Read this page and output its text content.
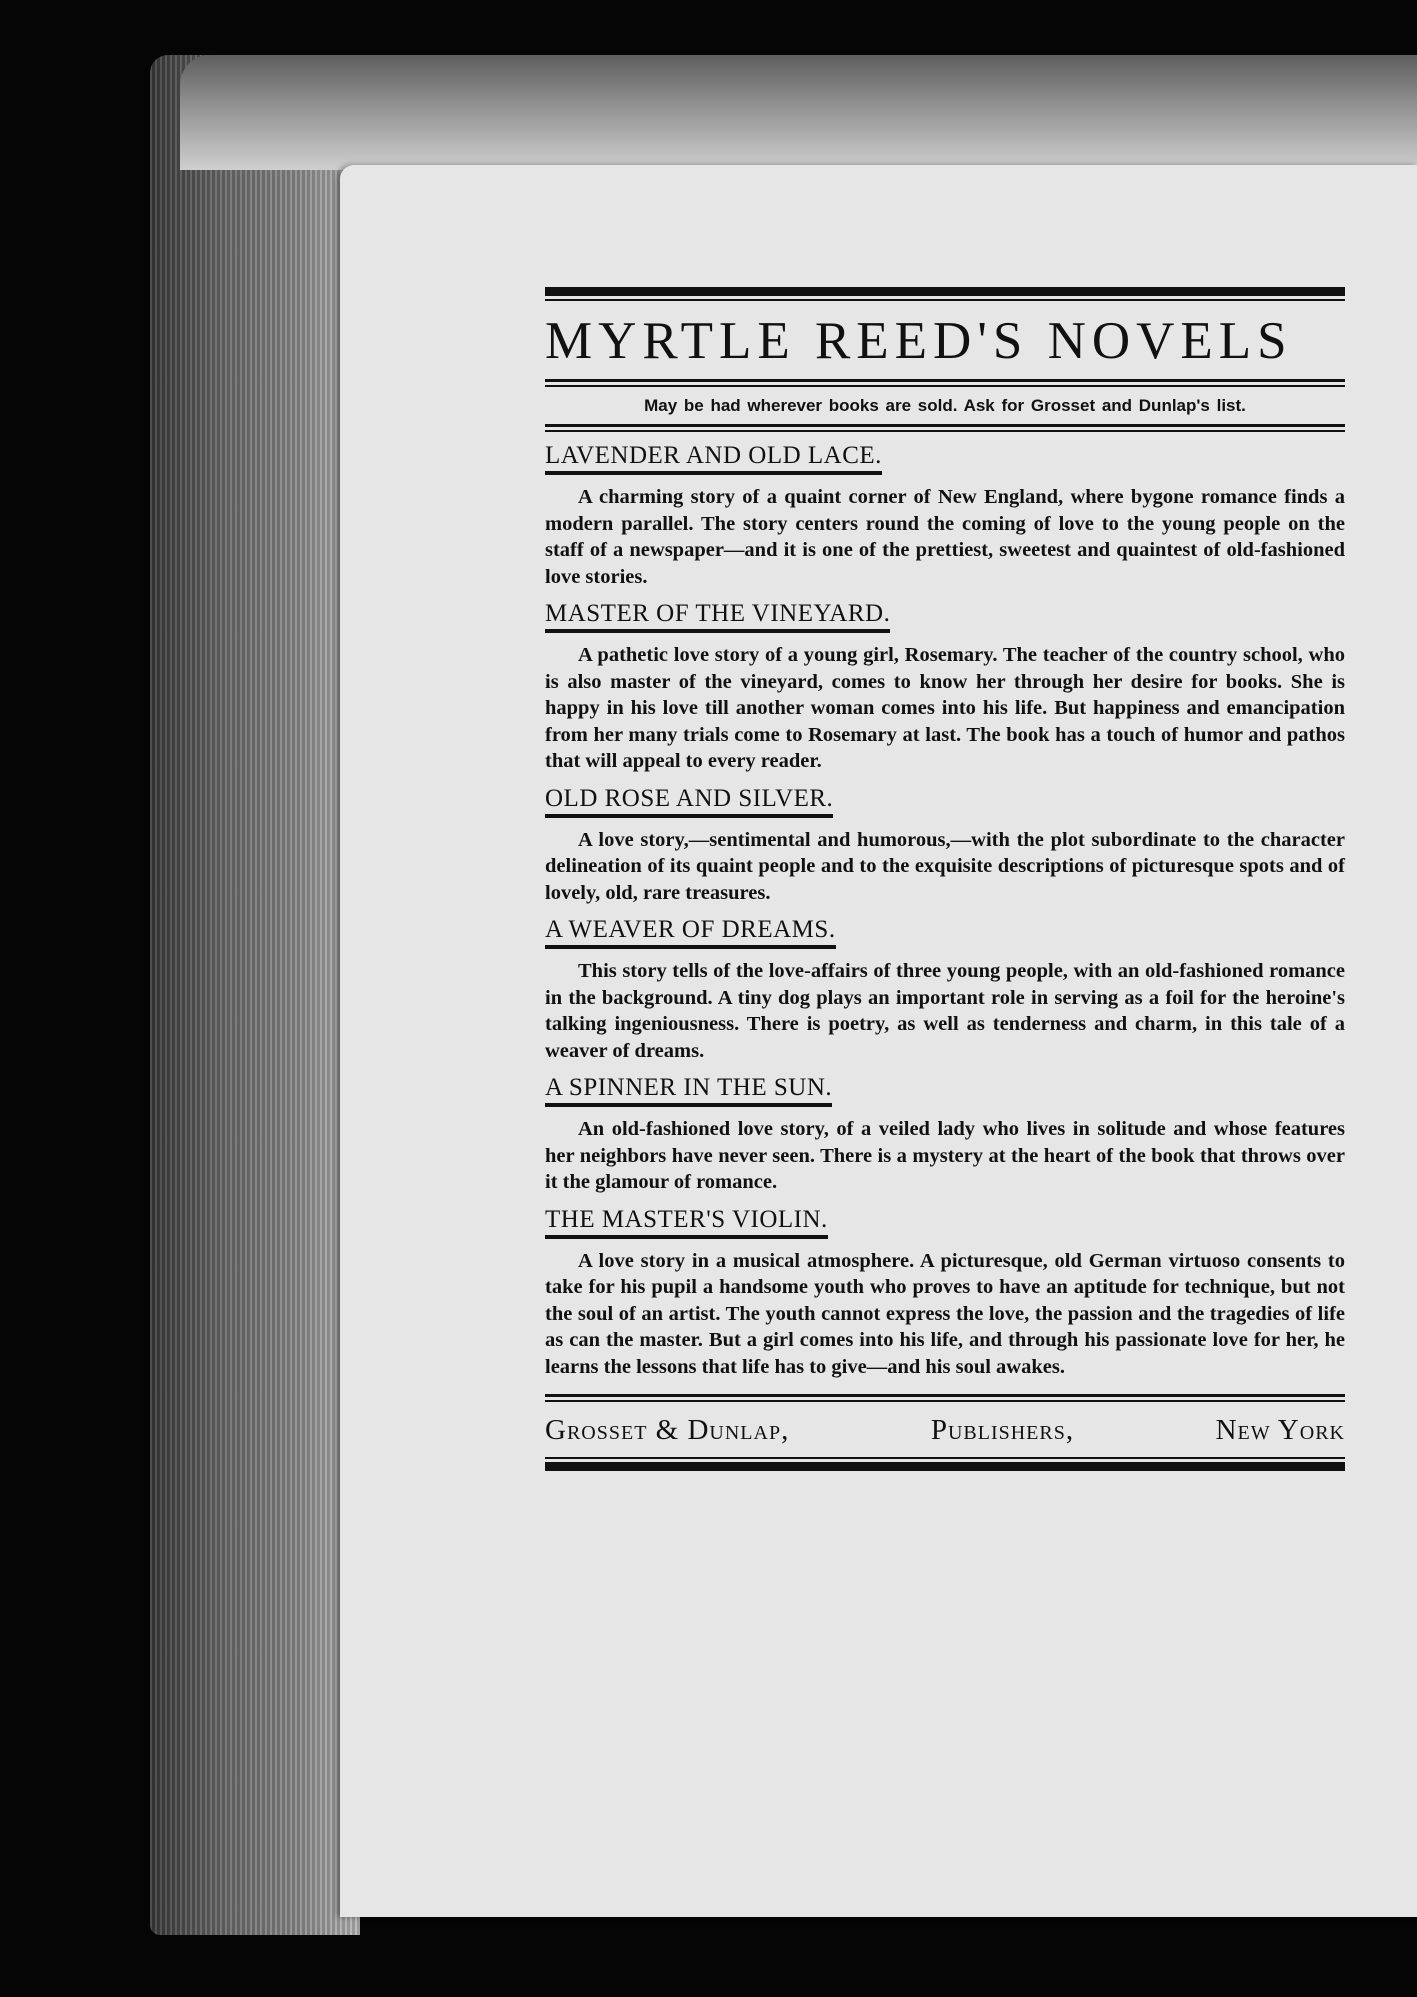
MYRTLE REED'S NOVELS
May be had wherever books are sold. Ask for Grosset and Dunlap's list.
LAVENDER AND OLD LACE.

A charming story of a quaint corner of New England, where bygone romance finds a modern parallel. The story centers round the coming of love to the young people on the staff of a newspaper—and it is one of the prettiest, sweetest and quaintest of old-fashioned love stories.

MASTER OF THE VINEYARD.

A pathetic love story of a young girl, Rosemary. The teacher of the country school, who is also master of the vineyard, comes to know her through her desire for books. She is happy in his love till another woman comes into his life. But happiness and emancipation from her many trials come to Rosemary at last. The book has a touch of humor and pathos that will appeal to every reader.

OLD ROSE AND SILVER.

A love story,—sentimental and humorous,—with the plot subordinate to the character delineation of its quaint people and to the exquisite descriptions of picturesque spots and of lovely, old, rare treasures.

A WEAVER OF DREAMS.

This story tells of the love-affairs of three young people, with an old-fashioned romance in the background. A tiny dog plays an important role in serving as a foil for the heroine's talking ingeniousness. There is poetry, as well as tenderness and charm, in this tale of a weaver of dreams.

A SPINNER IN THE SUN.

An old-fashioned love story, of a veiled lady who lives in solitude and whose features her neighbors have never seen. There is a mystery at the heart of the book that throws over it the glamour of romance.

THE MASTER'S VIOLIN.

A love story in a musical atmosphere. A picturesque, old German virtuoso consents to take for his pupil a handsome youth who proves to have an aptitude for technique, but not the soul of an artist. The youth cannot express the love, the passion and the tragedies of life as can the master. But a girl comes into his life, and through his passionate love for her, he learns the lessons that life has to give—and his soul awakes.

Grosset & Dunlap,	Publishers,	New York
